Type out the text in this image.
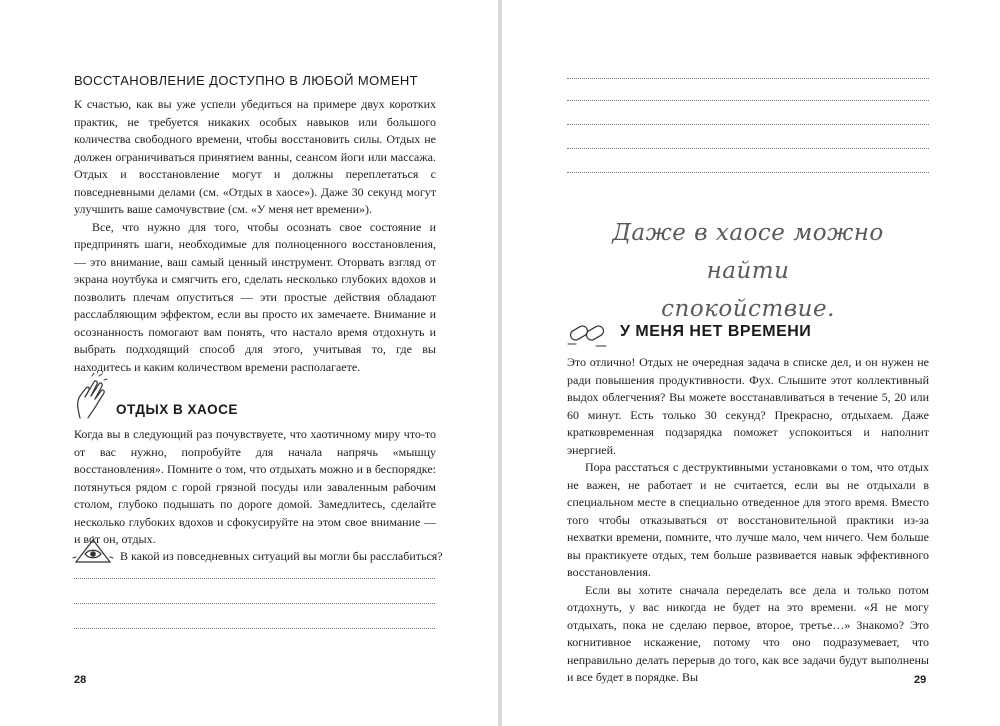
ВОССТАНОВЛЕНИЕ ДОСТУПНО В ЛЮБОЙ МОМЕНТ

К счастью, как вы уже успели убедиться на примере двух коротких практик, не требуется никаких особых навыков или большого количества свободного времени, чтобы восстановить силы. Отдых не должен ограничиваться принятием ванны, сеансом йоги или массажа. Отдых и восстановление могут и должны переплетаться с повседневными делами (см. «Отдых в хаосе»). Даже 30 секунд могут улучшить ваше самочувствие (см. «У меня нет времени»).

Все, что нужно для того, чтобы осознать свое состояние и предпринять шаги, необходимые для полноценного восстановления, — это внимание, ваш самый ценный инструмент. Оторвать взгляд от экрана ноутбука и смягчить его, сделать несколько глубоких вдохов и позволить плечам опуститься — эти простые действия обладают расслабляющим эффектом, если вы просто их замечаете. Внимание и осознанность помогают вам понять, что настало время отдохнуть и выбрать подходящий способ для этого, учитывая то, где вы находитесь и каким количеством времени располагаете.

ОТДЫХ В ХАОСЕ

Когда вы в следующий раз почувствуете, что хаотичному миру что-то от вас нужно, попробуйте для начала напрячь «мышцу восстановления». Помните о том, что отдыхать можно и в беспорядке: потянуться рядом с горой грязной посуды или заваленным рабочим столом, глубоко подышать по дороге домой. Замедлитесь, сделайте несколько глубоких вдохов и сфокусируйте на этом свое внимание — и вот он, отдых.

В какой из повседневных ситуаций вы могли бы расслабиться?
28
Даже в хаосе можно найти
спокойствие.
У МЕНЯ НЕТ ВРЕМЕНИ

Это отлично! Отдых не очередная задача в списке дел, и он нужен не ради повышения продуктивности. Фух. Слышите этот коллективный выдох облегчения? Вы можете восстанавливаться в течение 5, 20 или 60 минут. Есть только 30 секунд? Прекрасно, отдыхаем. Даже кратковременная подзарядка поможет успокоиться и наполнит энергией.

Пора расстаться с деструктивными установками о том, что отдых не важен, не работает и не считается, если вы не отдыхали в специальном месте в специально отведенное для этого время. Вместо того чтобы отказываться от восстановительной практики из-за нехватки времени, помните, что лучше мало, чем ничего. Чем больше вы практикуете отдых, тем больше развивается навык эффективного восстановления.

Если вы хотите сначала переделать все дела и только потом отдохнуть, у вас никогда не будет на это времени. «Я не могу отдыхать, пока не сделаю первое, второе, третье…» Знакомо? Это когнитивное искажение, потому что оно подразумевает, что неправильно делать перерыв до того, как все задачи будут выполнены и все будет в порядке. Вы	29
